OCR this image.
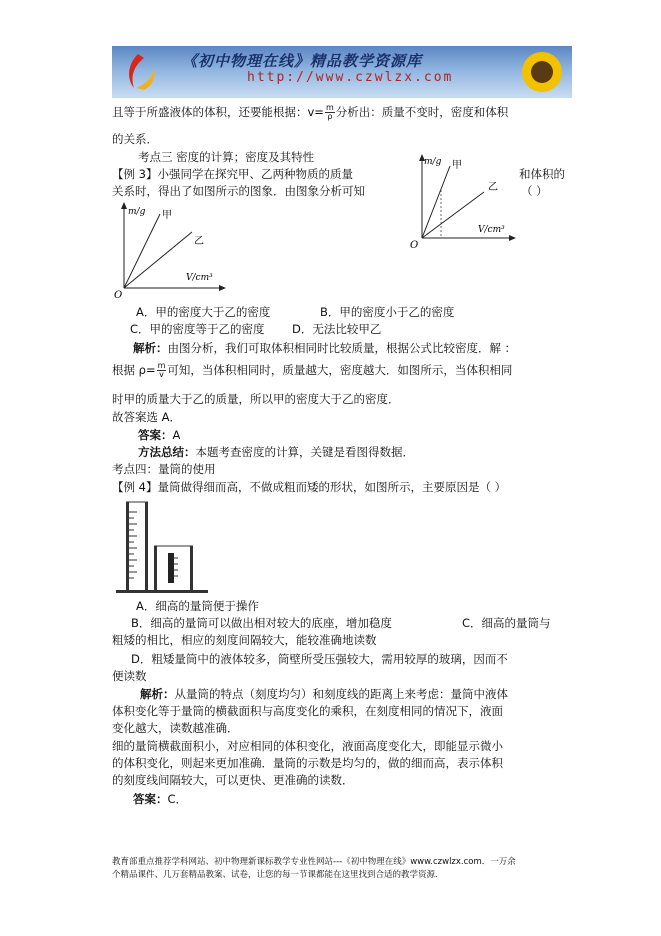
《初中物理在线》精品教学资源库
http://www.czwlzx.com
且等于所盛液体的体积，还要能根据：$v= \frac{m}{\rho}$ 分析出：质量不变时，密度和体积
的关系．
考点三 密度的计算；密度及其特性
【例 3】小强同学在探究甲、乙两种物质的质量	和体积的
（ ）
关系时，得出了如图所示的图象．由图象分析可知
m/g 甲
乙
V/cm³
O
m/g 甲
乙
V/cm³
O
A．甲的密度大于乙的密度	B．甲的密度小于乙的密度
C．甲的密度等于乙的密度 D．无法比较甲乙
解析：由图分析，我们可取体积相同时比较质量，根据公式比较密度．解 ：
根据 $\rho= \frac{m}{v}$ 可知，当体积相同时，质量越大，密度越大．如图所示，当体积相同
时甲的质量大于乙的质量，所以甲的密度大于乙的密度．
故答案选 A．
答案：A
方法总结：本题考查密度的计算，关键是看图得数据．
考点四：量筒的使用
【例 4】量筒做得细而高，不做成粗而矮的形状，如图所示，主要原因是（ ）
A．细高的量筒便于操作
B．细高的量筒可以做出相对较大的底座，增加稳度	C．细高的量筒与
粗矮的相比，相应的刻度间隔较大，能较准确地读数
D．粗矮量筒中的液体较多，筒壁所受压强较大，需用较厚的玻璃，因而不
便读数
解析：从量筒的特点（刻度均匀）和刻度线的距离上来考虑：量筒中液体
体积变化等于量筒的横截面积与高度变化的乘积，在刻度相同的情况下，液面
变化越大，读数越准确．
细的量筒横截面积小，对应相同的体积变化，液面高度变化大，即能显示微小
的体积变化，则起来更加准确．量筒的示数是均匀的，做的细而高，表示体积
的刻度线间隔较大，可以更快、更准确的读数．
答案：C．
教育部重点推荐学科网站、初中物理新课标教学专业性网站---《初中物理在线》www.czwlzx.com．一万余
个精品课件、几万套精品教案、试卷，让您的每一节课都能在这里找到合适的教学资源．
